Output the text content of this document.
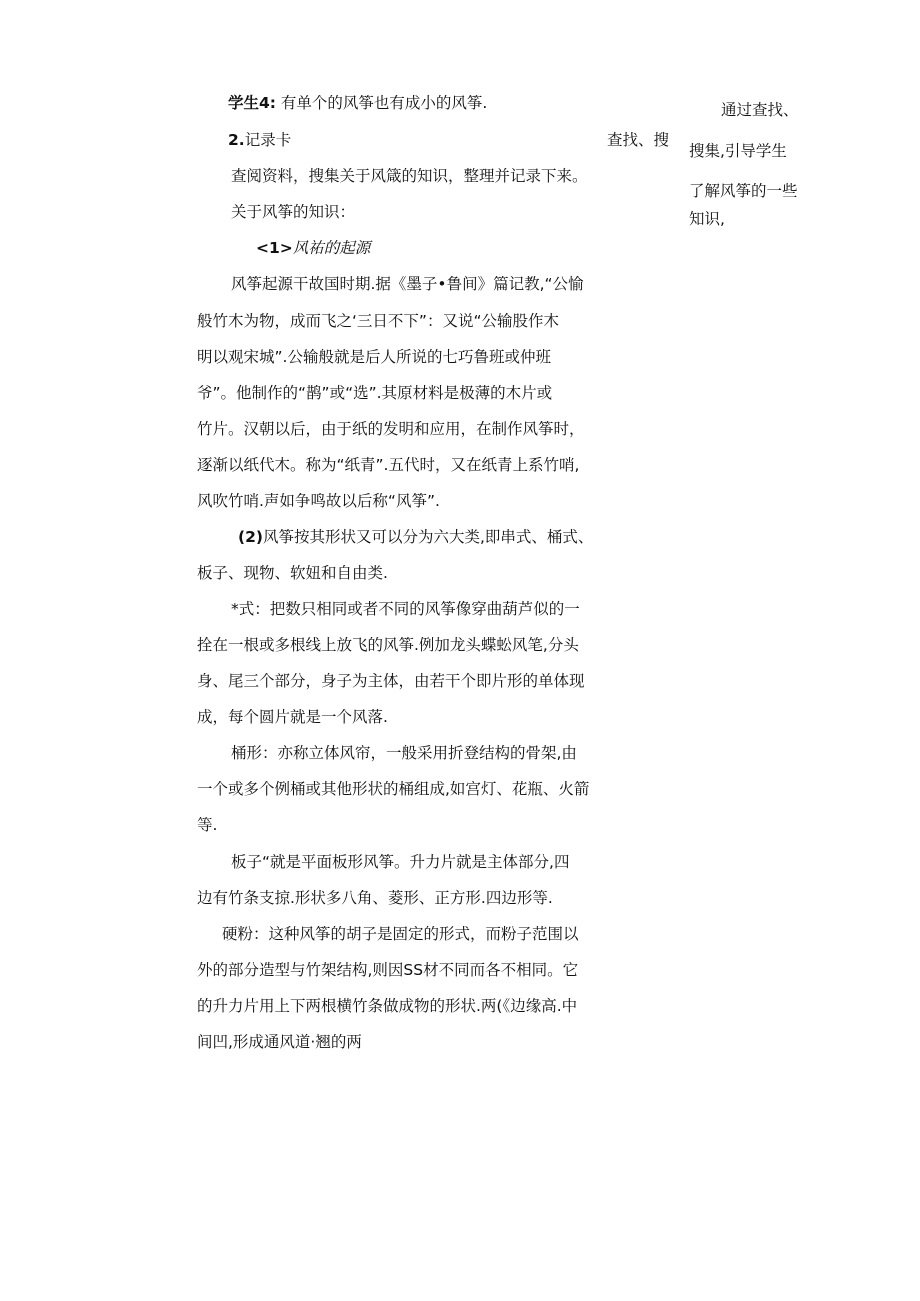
学生4: 有单个的风筝也有成小的风筝.
2.记录卡
查阅资料，搜集关于风箴的知识，整理并记录下来。
关于风筝的知识：
<1>风祐的起源
风筝起源干故国时期.据《墨子•鲁间》篇记教,“公愉
般竹木为物，成而飞之‘三日不下”：又说“公输股作木
明以观宋城”.公输般就是后人所说的七巧鲁班或仲班
爷”。他制作的“鹊”或“选”.其原材料是极薄的木片或
竹片。汉朝以后，由于纸的发明和应用，在制作风筝时，
逐渐以纸代木。称为“纸青”.五代时，又在纸青上系竹哨,
风吹竹哨.声如争鸣故以后称“风筝”.
(2)风筝按其形状又可以分为六大类,即串式、桶式、
板子、现物、软妞和自由类.
*式：把数只相同或者不同的风筝像穿曲葫芦似的一
拴在一根或多根线上放飞的风筝.例加龙头蝶蚣风笔,分头
身、尾三个部分，身子为主体，由若干个即片形的单体现
成，每个圆片就是一个风落.
桶形：亦称立体风帘，一般采用折登结构的骨架,由
一个或多个例桶或其他形状的桶组成,如宫灯、花瓶、火箭
等.
板子“就是平面板形风筝。升力片就是主体部分,四
边有竹条支掠.形状多八角、菱形、正方形.四边形等.
硬粉：这种风筝的胡子是固定的形式，而粉子范围以
外的部分造型与竹架结构,则因SS材不同而各不相同。它
的升力片用上下两根横竹条做成物的形状.两(《边缘高.中
间凹,形成通风道·翘的两
查找、搜
通过查找、
搜集,引导学生
了解风筝的一些
知识,
